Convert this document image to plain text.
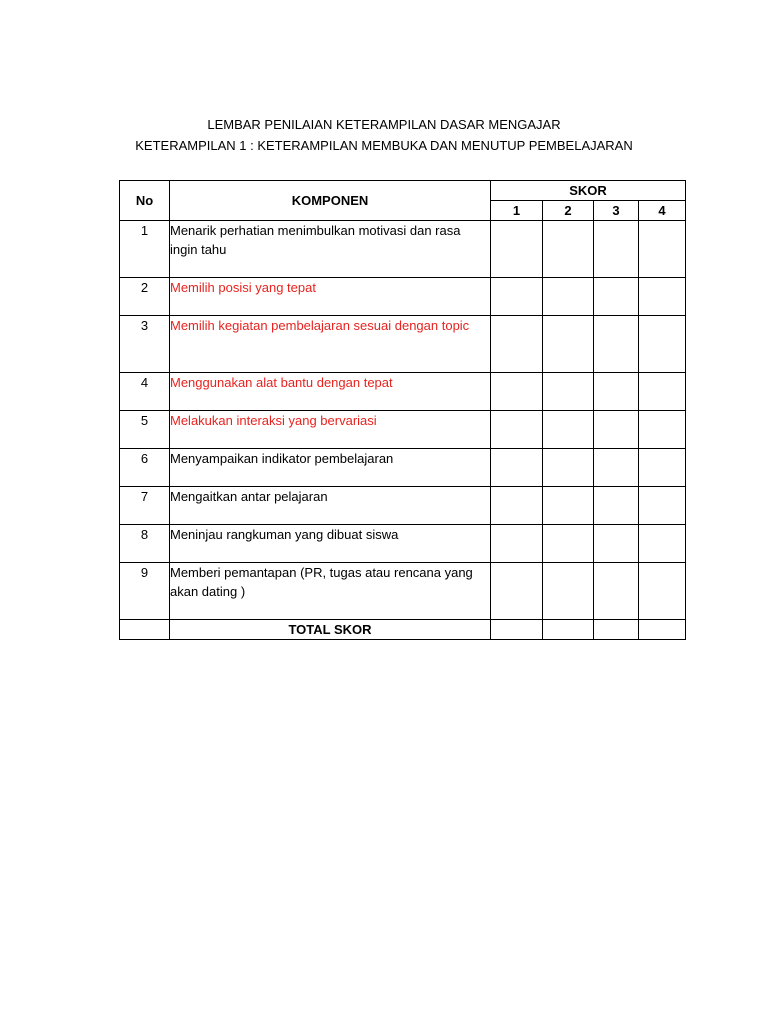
LEMBAR PENILAIAN KETERAMPILAN DASAR MENGAJAR
KETERAMPILAN 1 : KETERAMPILAN MEMBUKA DAN MENUTUP PEMBELAJARAN
No	KOMPONEN	SKOR			
		1	2	3	4
1	Menarik perhatian menimbulkan motivasi dan rasa ingin tahu				
2	Memilih posisi yang tepat				
3	Memilih kegiatan pembelajaran sesuai dengan topic				
4	Menggunakan alat bantu dengan tepat				
5	Melakukan interaksi yang bervariasi				
6	Menyampaikan indikator pembelajaran				
7	Mengaitkan antar pelajaran				
8	Meninjau rangkuman yang dibuat siswa				
9	Memberi pemantapan (PR, tugas atau rencana yang akan dating )				
	TOTAL SKOR				
